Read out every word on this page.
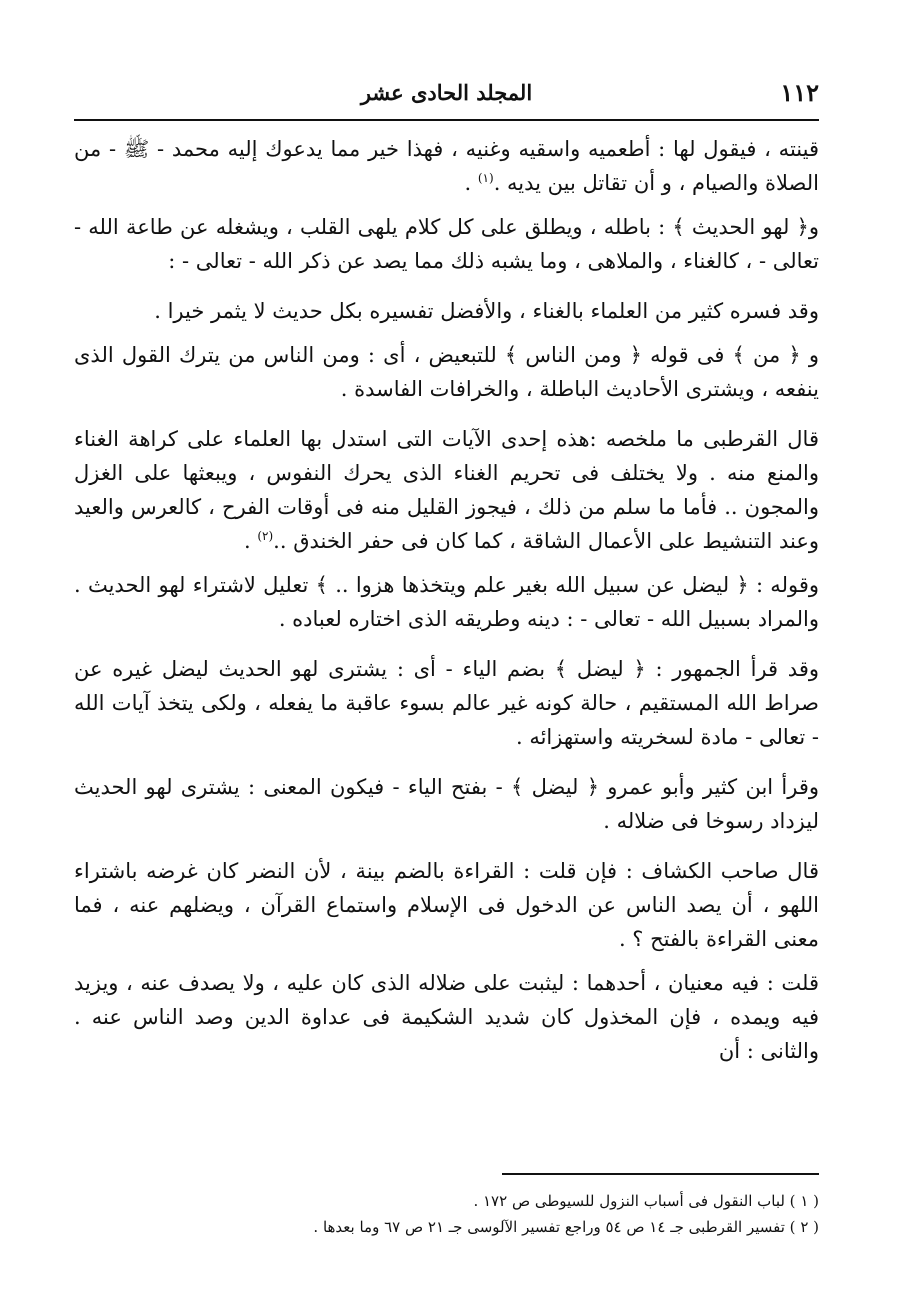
١١٢
المجلد الحادى عشر

قينته ، فيقول لها : أطعميه واسقيه وغنيه ، فهذا خير مما يدعوك إليه محمد - ﷺ - من الصلاة والصيام ، و أن تقاتل بين يديه .$^{(١)}$ .

و﴿ لهو الحديث ﴾ : باطله ، ويطلق على كل كلام يلهى القلب ، ويشغله عن طاعة الله - تعالى - ، كالغناء ، والملاهى ، وما يشبه ذلك مما يصد عن ذكر الله - تعالى - :

وقد فسره كثير من العلماء بالغناء ، والأفضل تفسيره بكل حديث لا يثمر خيرا .

و ﴿ من ﴾ فى قوله ﴿ ومن الناس ﴾ للتبعيض ، أى : ومن الناس من يترك القول الذى ينفعه ، ويشترى الأحاديث الباطلة ، والخرافات الفاسدة .

قال القرطبى ما ملخصه :هذه إحدى الآيات التى استدل بها العلماء على كراهة الغناء والمنع منه . ولا يختلف فى تحريم الغناء الذى يحرك النفوس ، ويبعثها على الغزل والمجون .. فأما ما سلم من ذلك ، فيجوز القليل منه فى أوقات الفرح ، كالعرس والعيد وعند التنشيط على الأعمال الشاقة ، كما كان فى حفر الخندق ..$^{(٢)}$ .

وقوله : ﴿ ليضل عن سبيل الله بغير علم ويتخذها هزوا .. ﴾ تعليل لاشتراء لهو الحديث . والمراد بسبيل الله - تعالى - : دينه وطريقه الذى اختاره لعباده .

وقد قرأ الجمهور : ﴿ ليضل ﴾ بضم الياء - أى : يشترى لهو الحديث ليضل غيره عن صراط الله المستقيم ، حالة كونه غير عالم بسوء عاقبة ما يفعله ، ولكى يتخذ آيات الله - تعالى - مادة لسخريته واستهزائه .

وقرأ ابن كثير وأبو عمرو ﴿ ليضل ﴾ - بفتح الياء - فيكون المعنى : يشترى لهو الحديث ليزداد رسوخا فى ضلاله .

قال صاحب الكشاف : فإن قلت : القراءة بالضم بينة ، لأن النضر كان غرضه باشتراء اللهو ، أن يصد الناس عن الدخول فى الإسلام واستماع القرآن ، ويضلهم عنه ، فما معنى القراءة بالفتح ؟ .

قلت : فيه معنيان ، أحدهما : ليثبت على ضلاله الذى كان عليه ، ولا يصدف عنه ، ويزيد فيه ويمده ، فإن المخذول كان شديد الشكيمة فى عداوة الدين وصد الناس عنه . والثانى : أن

( ١ ) لباب النقول فى أسباب النزول للسيوطى ص ١٧٢ .

( ٢ ) تفسير القرطبى جـ ١٤ ص ٥٤ وراجع تفسير الآلوسى جـ ٢١ ص ٦٧ وما بعدها .
